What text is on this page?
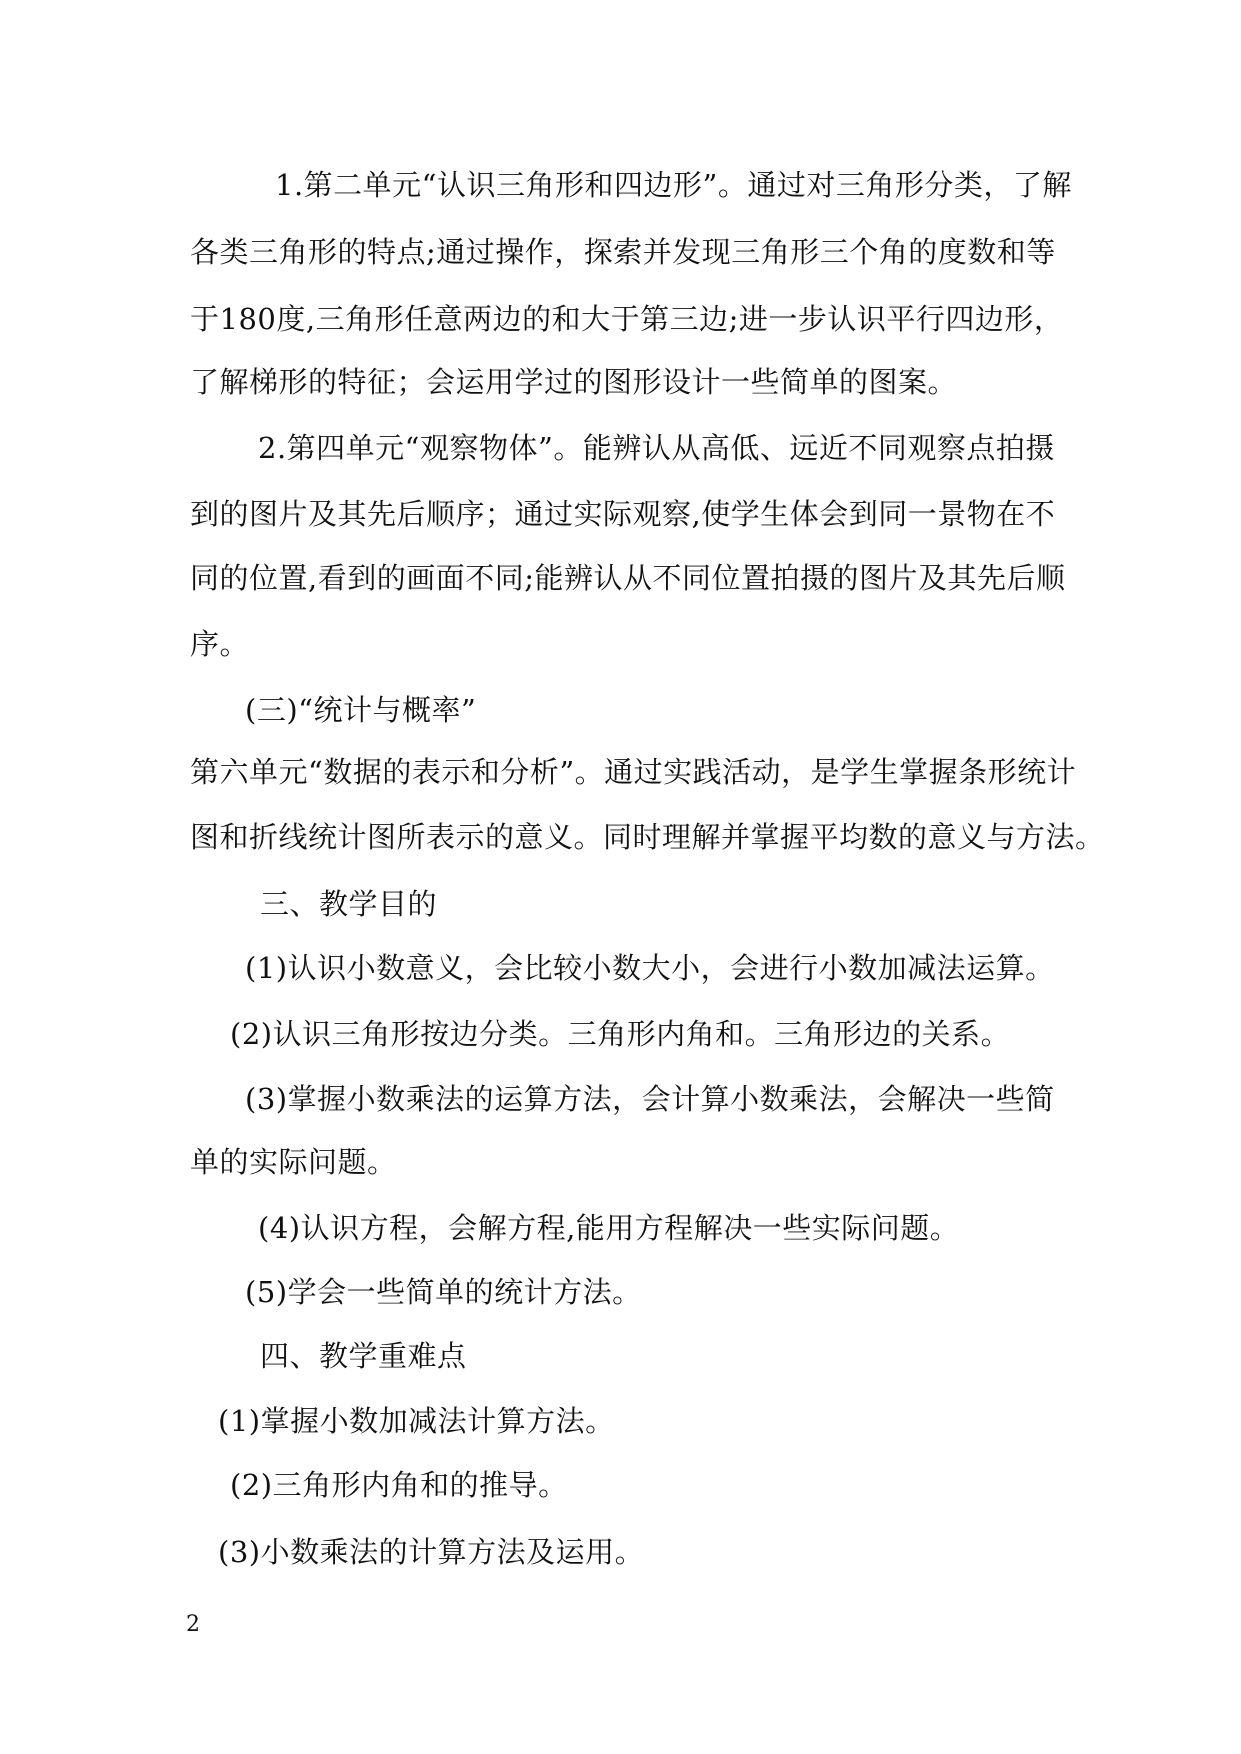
1.第二单元“认识三角形和四边形”。通过对三角形分类，了解
各类三角形的特点;通过操作，探索并发现三角形三个角的度数和等
于180度,三角形任意两边的和大于第三边;进一步认识平行四边形，
了解梯形的特征；会运用学过的图形设计一些简单的图案。
2.第四单元“观察物体”。能辨认从高低、远近不同观察点拍摄
到的图片及其先后顺序；通过实际观察,使学生体会到同一景物在不
同的位置,看到的画面不同;能辨认从不同位置拍摄的图片及其先后顺
序。
(三)“统计与概率”
第六单元“数据的表示和分析”。通过实践活动，是学生掌握条形统计
图和折线统计图所表示的意义。同时理解并掌握平均数的意义与方法。
三、教学目的
(1)认识小数意义，会比较小数大小，会进行小数加减法运算。
(2)认识三角形按边分类。三角形内角和。三角形边的关系。
(3)掌握小数乘法的运算方法，会计算小数乘法，会解决一些简
单的实际问题。
(4)认识方程，会解方程,能用方程解决一些实际问题。
(5)学会一些简单的统计方法。
四、教学重难点
(1)掌握小数加减法计算方法。
(2)三角形内角和的推导。
(3)小数乘法的计算方法及运用。
2
